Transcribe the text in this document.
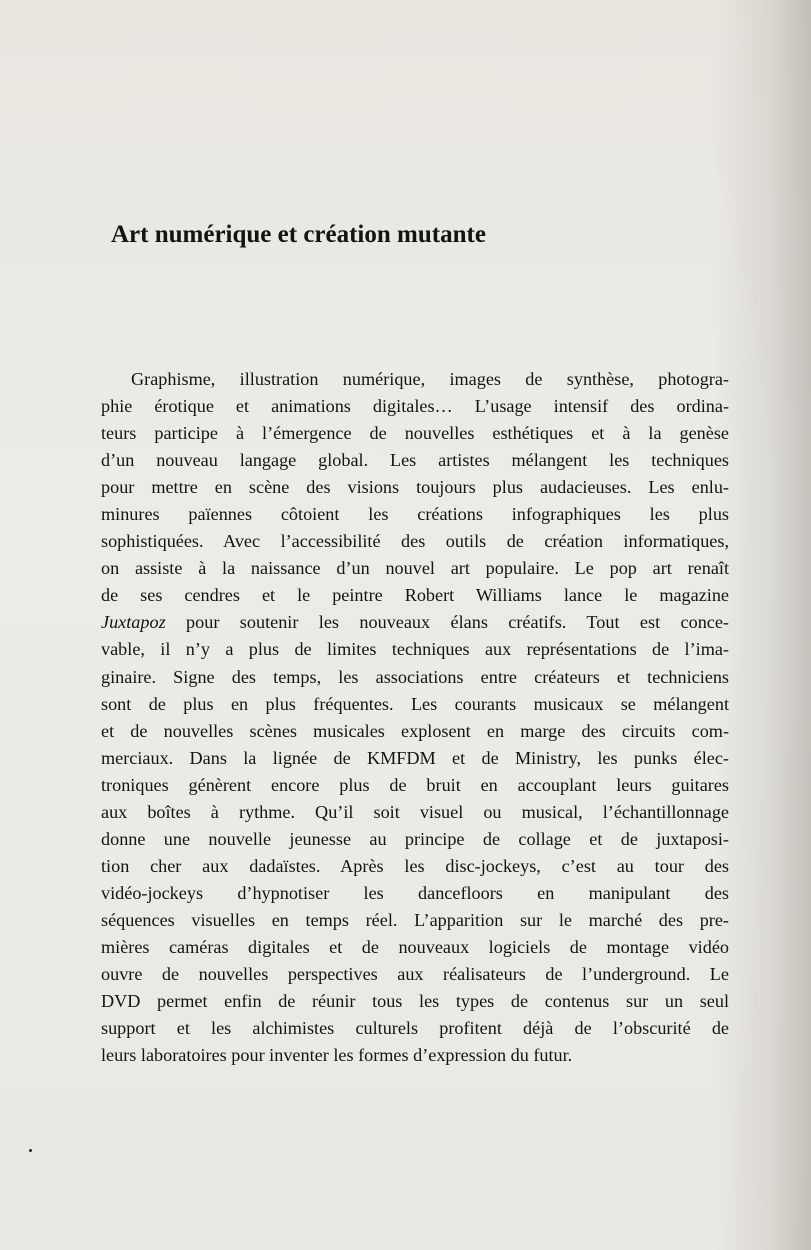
Art numérique et création mutante
Graphisme, illustration numérique, images de synthèse, photogra-
phie érotique et animations digitales… L’usage intensif des ordina-
teurs participe à l’émergence de nouvelles esthétiques et à la genèse
d’un nouveau langage global. Les artistes mélangent les techniques
pour mettre en scène des visions toujours plus audacieuses. Les enlu-
minures païennes côtoient les créations infographiques les plus
sophistiquées. Avec l’accessibilité des outils de création informatiques,
on assiste à la naissance d’un nouvel art populaire. Le pop art renaît
de ses cendres et le peintre Robert Williams lance le magazine
Juxtapoz pour soutenir les nouveaux élans créatifs. Tout est conce-
vable, il n’y a plus de limites techniques aux représentations de l’ima-
ginaire. Signe des temps, les associations entre créateurs et techniciens
sont de plus en plus fréquentes. Les courants musicaux se mélangent
et de nouvelles scènes musicales explosent en marge des circuits com-
merciaux. Dans la lignée de KMFDM et de Ministry, les punks élec-
troniques génèrent encore plus de bruit en accouplant leurs guitares
aux boîtes à rythme. Qu’il soit visuel ou musical, l’échantillonnage
donne une nouvelle jeunesse au principe de collage et de juxtaposi-
tion cher aux dadaïstes. Après les disc-jockeys, c’est au tour des
vidéo-jockeys d’hypnotiser les dancefloors en manipulant des
séquences visuelles en temps réel. L’apparition sur le marché des pre-
mières caméras digitales et de nouveaux logiciels de montage vidéo
ouvre de nouvelles perspectives aux réalisateurs de l’underground. Le
DVD permet enfin de réunir tous les types de contenus sur un seul
support et les alchimistes culturels profitent déjà de l’obscurité de
leurs laboratoires pour inventer les formes d’expression du futur.
